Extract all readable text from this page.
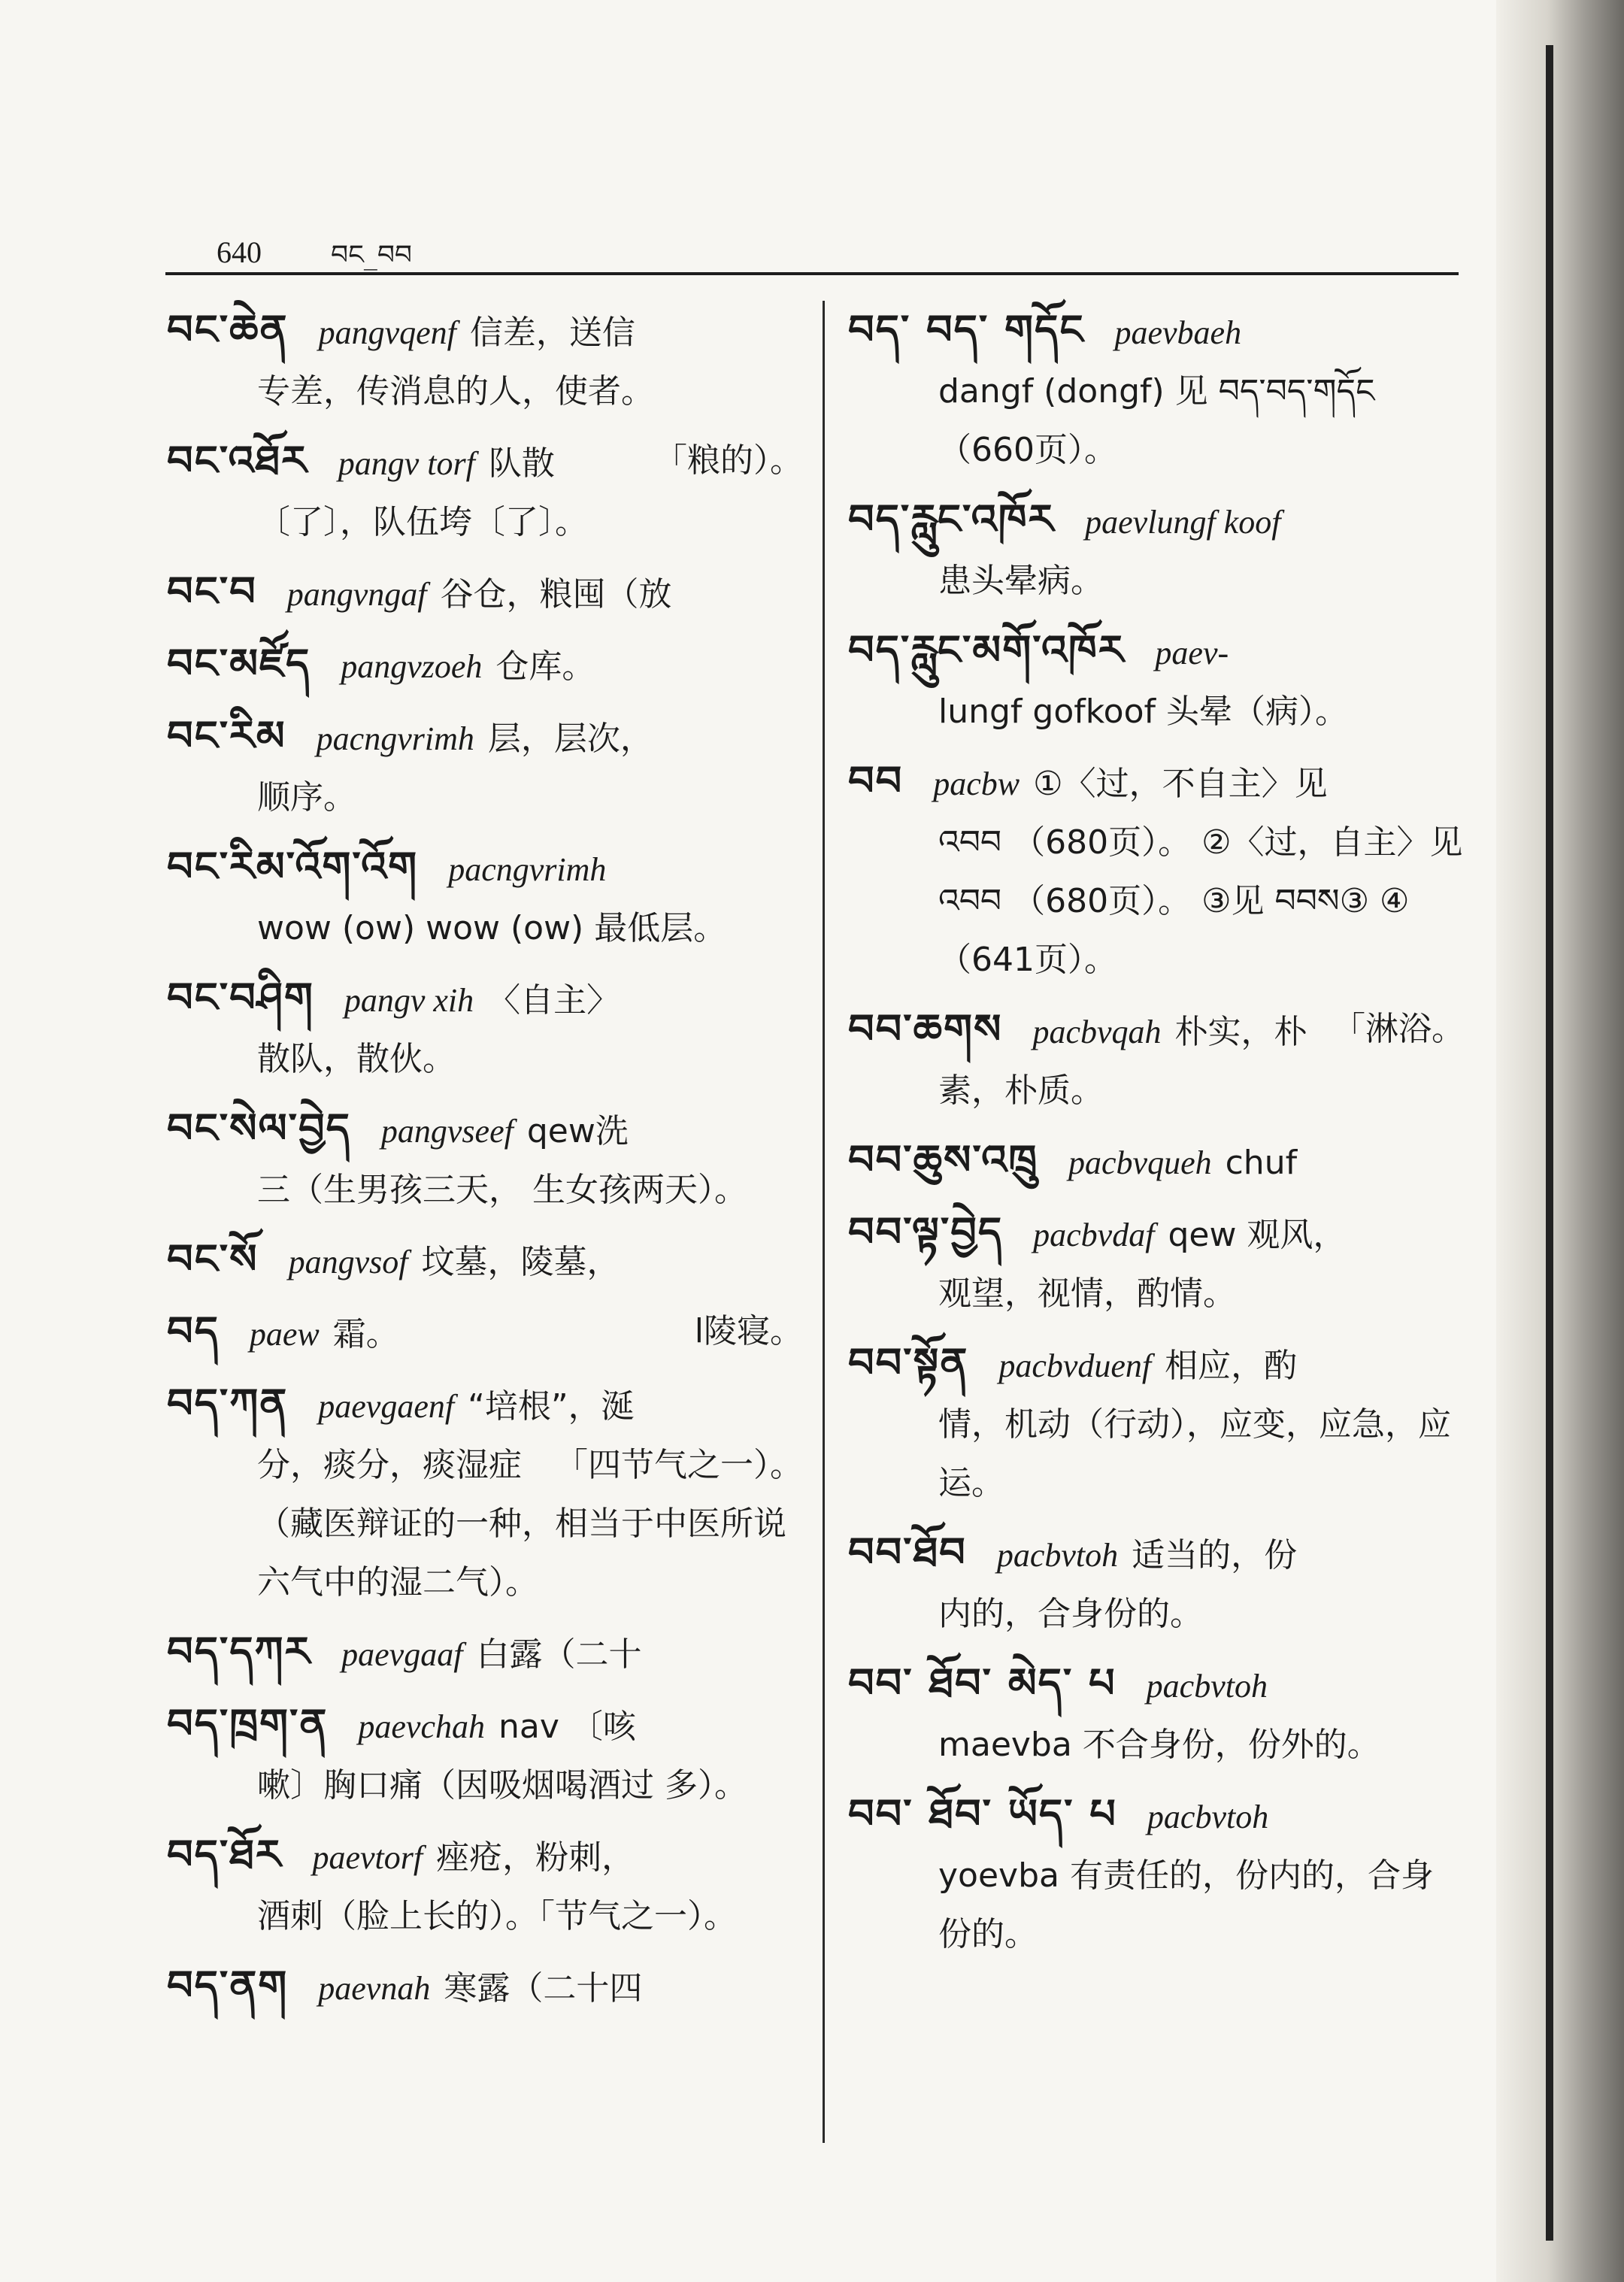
640	བང_བབ
བང་ཆེན pangvqenf 信差，送信
专差，传消息的人，使者。
བང་འཐོར pangv torf 队散	「粮的）。
〔了〕，队伍垮〔了〕。
བང་བ pangvngaf 谷仓，粮囤（放
བང་མཛོད pangvzoeh 仓库。
བང་རིམ pacngvrimh 层，层次，
顺序。
བང་རིམ་འོག་འོག pacngvrimh
wow (ow) wow (ow) 最低层。
བང་བཤིག pangv xih 〈自主〉
散队，散伙。
བང་སེལ་བྱེད pangvseef qew洗
三（生男孩三天， 生女孩两天）。
བང་སོ pangvsof 坟墓，陵墓，
བད paew 霜。	l陵寝。
བད་ཀན paevgaenf “培根”，涎
「四节气之一）。
分，痰分，痰湿症（藏医辩证的一种，相当于中医所说六气中的湿二气）。
བད་དཀར paevgaaf 白露（二十
བད་ཁྲག་ན paevchah nav 〔咳
嗽〕胸口痛（因吸烟喝酒过 多）。
བད་ཐོར paevtorf 痤疮，粉刺，
酒刺（脸上长的）。「节气之一）。
བད་ནག paevnah 寒露（二十四
བད་ བད་ གདོང paevbaeh
dangf (dongf) 见 བད་བད་གདོང（660页）。
བད་རླུང་འཁོར paevlungf koof
患头晕病。
བད་རླུང་མགོ་འཁོར paev-
lungf gofkoof 头晕（病）。
བབ pacbw ①〈过，不自主〉见
འབབ （680页）。 ②〈过，自主〉见 འབབ （680页）。 ③见 བབས③ ④（641页）。
བབ་ཆགས pacbvqah 朴实，朴 「淋浴。
素，朴质。
བབ་ཆུས་འཁྲུ pacbvqueh chuf
བབ་ལྟ་བྱེད pacbvdaf qew 观风，
观望，视情，酌情。
བབ་སྟོན pacbvduenf 相应，酌
情，机动（行动），应变，应急，应运。
བབ་ཐོབ pacbvtoh 适当的，份
内的，合身份的。
བབ་ ཐོབ་ མེད་ པ pacbvtoh
maevba 不合身份，份外的。
བབ་ ཐོབ་ ཡོད་ པ pacbvtoh
yoevba 有责任的，份内的，合身份的。
